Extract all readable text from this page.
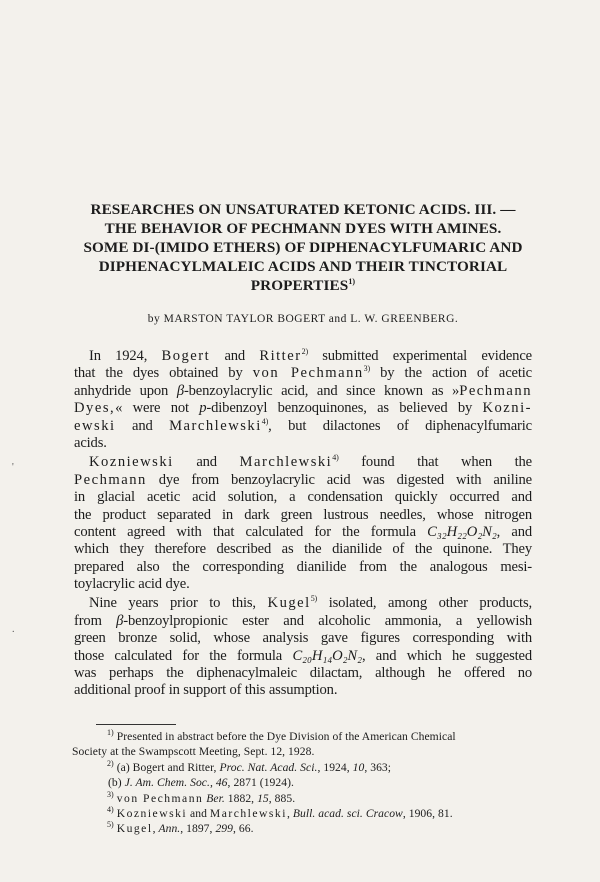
RESEARCHES ON UNSATURATED KETONIC ACIDS. III. —
THE BEHAVIOR OF PECHMANN DYES WITH AMINES.
SOME DI-(IMIDO ETHERS) OF DIPHENACYLFUMARIC AND
DIPHENACYLMALEIC ACIDS AND THEIR TINCTORIAL
PROPERTIES$^{1)}$
by MARSTON TAYLOR BOGERT and L. W. GREENBERG.
'
.
In 1924, Bogert and Ritter$^{2)}$ submitted experimental evidence
that the dyes obtained by von Pechmann$^{3)}$ by the action of acetic
anhydride upon β-benzoylacrylic acid, and since known as »Pechmann
Dyes,« were not p-dibenzoyl benzoquinones, as believed by Kozni-
ewski and Marchlewski$^{4)}$, but dilactones of diphenacylfumaric
acids.
Kozniewski and Marchlewski$^{4)}$ found that when the
Pechmann dye from benzoylacrylic acid was digested with aniline
in glacial acetic acid solution, a condensation quickly occurred and
the product separated in dark green lustrous needles, whose nitrogen
content agreed with that calculated for the formula C₃₂H₂₂O₂N₂, and
which they therefore described as the dianilide of the quinone. They
prepared also the corresponding dianilide from the analogous mesi-
toylacrylic acid dye.
Nine years prior to this, Kugel$^{5)}$ isolated, among other products,
from β-benzoylpropionic ester and alcoholic ammonia, a yellowish
green bronze solid, whose analysis gave figures corresponding with
those calculated for the formula C₂₀H₁₄O₂N₂, and which he suggested
was perhaps the diphenacylmaleic dilactam, although he offered no
additional proof in support of this assumption.
$^{1)}$ Presented in abstract before the Dye Division of the American Chemical
Society at the Swampscott Meeting, Sept. 12, 1928.
$^{2)}$ (a) Bogert and Ritter, Proc. Nat. Acad. Sci., 1924, 10, 363;
(b) J. Am. Chem. Soc., 46, 2871 (1924).
$^{3)}$ von Pechmann Ber. 1882, 15, 885.
$^{4)}$ Kozniewski and Marchlewski, Bull. acad. sci. Cracow, 1906, 81.
$^{5)}$ Kugel, Ann., 1897, 299, 66.
